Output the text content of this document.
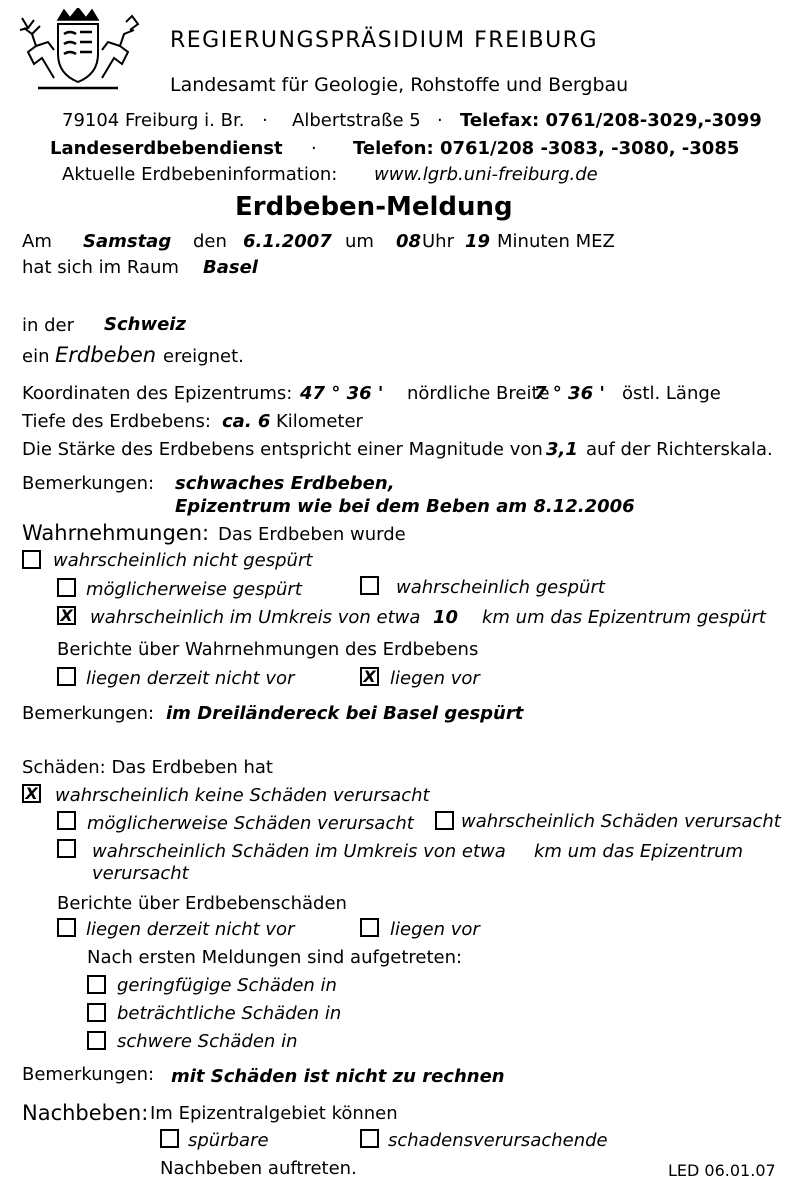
REGIERUNGSPRÄSIDIUM FREIBURG
Landesamt für Geologie, Rohstoffe und Bergbau
79104 Freiburg i. Br. · Albertstraße 5 · Telefax: 0761/208-3029,-3099
Landeserdbebendienst · Telefon: 0761/208 -3083, -3080, -3085
Aktuelle Erdbebeninformation: www.lgrb.uni-freiburg.de
Erdbeben-Meldung
Am Samstag den 6.1.2007 um 08 Uhr 19 Minuten MEZ
hat sich im Raum Basel
in der Schweiz
ein Erdbeben ereignet.
Koordinaten des Epizentrums: 47 ° 36 ' nördliche Breite
7 ° 36 ' östl. Länge
Tiefe des Erdbebens: ca. 6 Kilometer
Die Stärke des Erdbebens entspricht einer Magnitude von 3,1 auf der Richterskala.
Bemerkungen: schwaches Erdbeben,
Epizentrum wie bei dem Beben am 8.12.2006
Wahrnehmungen: Das Erdbeben wurde
wahrscheinlich nicht gespürt
möglicherweise gespürt	wahrscheinlich gespürt
X wahrscheinlich im Umkreis von etwa 10 km um das Epizentrum gespürt
Berichte über Wahrnehmungen des Erdbebens
liegen derzeit nicht vor	X liegen vor
Bemerkungen: im Dreiländereck bei Basel gespürt
Schäden: Das Erdbeben hat
X wahrscheinlich keine Schäden verursacht
möglicherweise Schäden verursacht	wahrscheinlich Schäden verursacht
wahrscheinlich Schäden im Umkreis von etwa km um das Epizentrum
verursacht
Berichte über Erdbebenschäden
liegen derzeit nicht vor	liegen vor
Nach ersten Meldungen sind aufgetreten:
geringfügige Schäden in
beträchtliche Schäden in
schwere Schäden in
Bemerkungen: mit Schäden ist nicht zu rechnen
Nachbeben: Im Epizentralgebiet können
spürbare	schadensverursachende
Nachbeben auftreten.	LED 06.01.07
